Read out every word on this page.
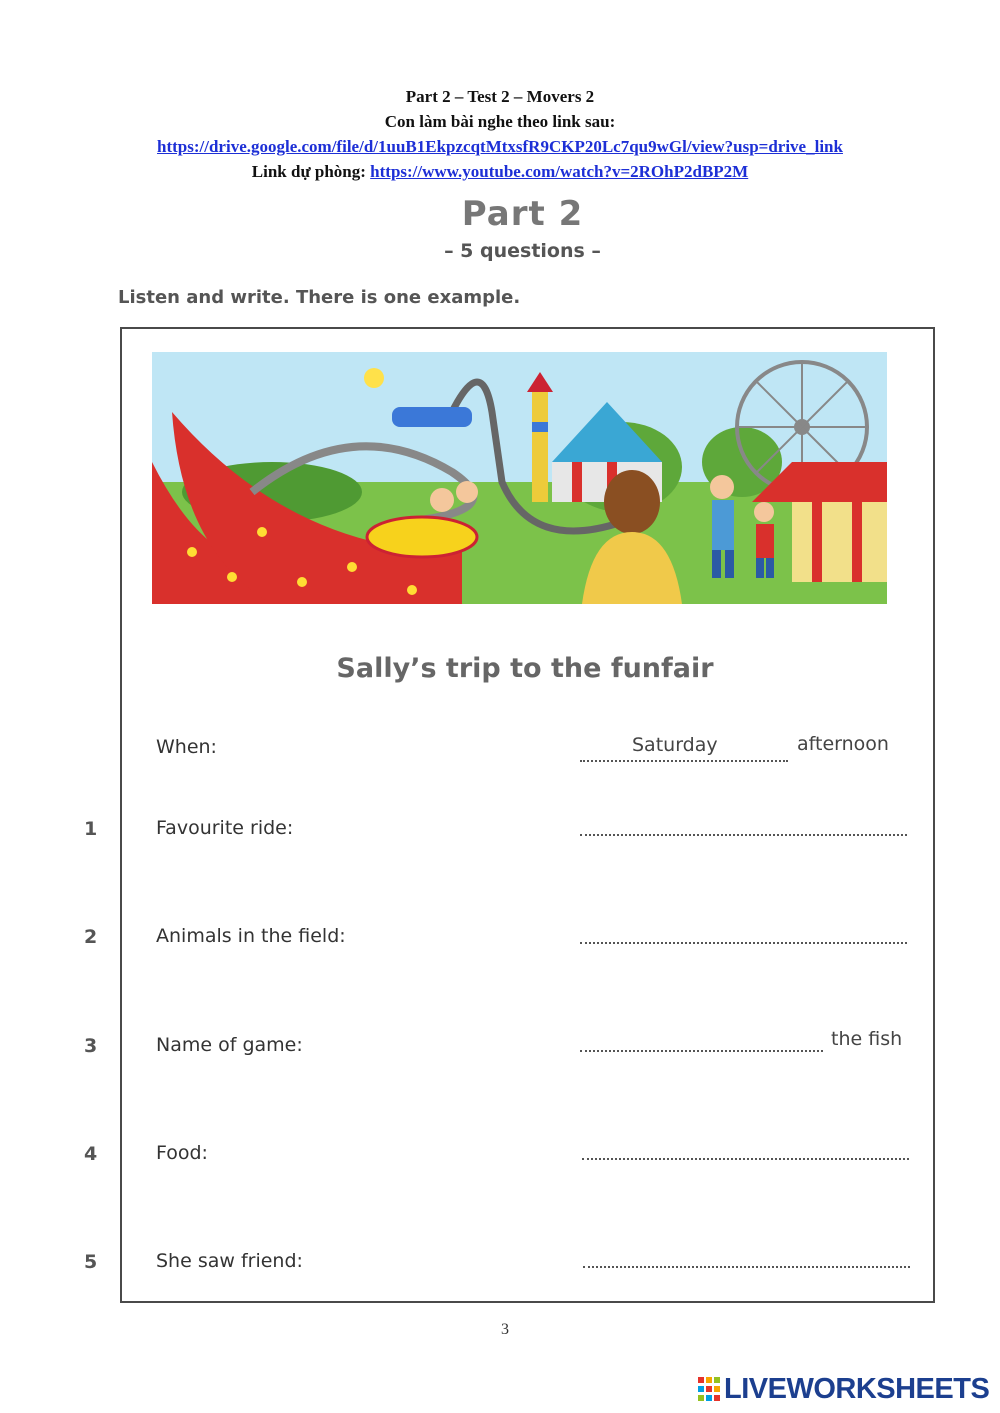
Part 2 – Test 2 – Movers 2
Con làm bài nghe theo link sau:
https://drive.google.com/file/d/1uuB1EkpzcqtMtxsfR9CKP20Lc7qu9wGl/view?usp=drive_link
Link dự phòng: https://www.youtube.com/watch?v=2ROhP2dBP2M
Part 2
– 5 questions –
Listen and write. There is one example.
Sally’s trip to the funfair
When:	Saturday	afternoon
1	Favourite ride:
2	Animals in the field:
3	Name of game:	the fish
4	Food:
5	She saw friend:
3
LIVEWORKSHEETS
